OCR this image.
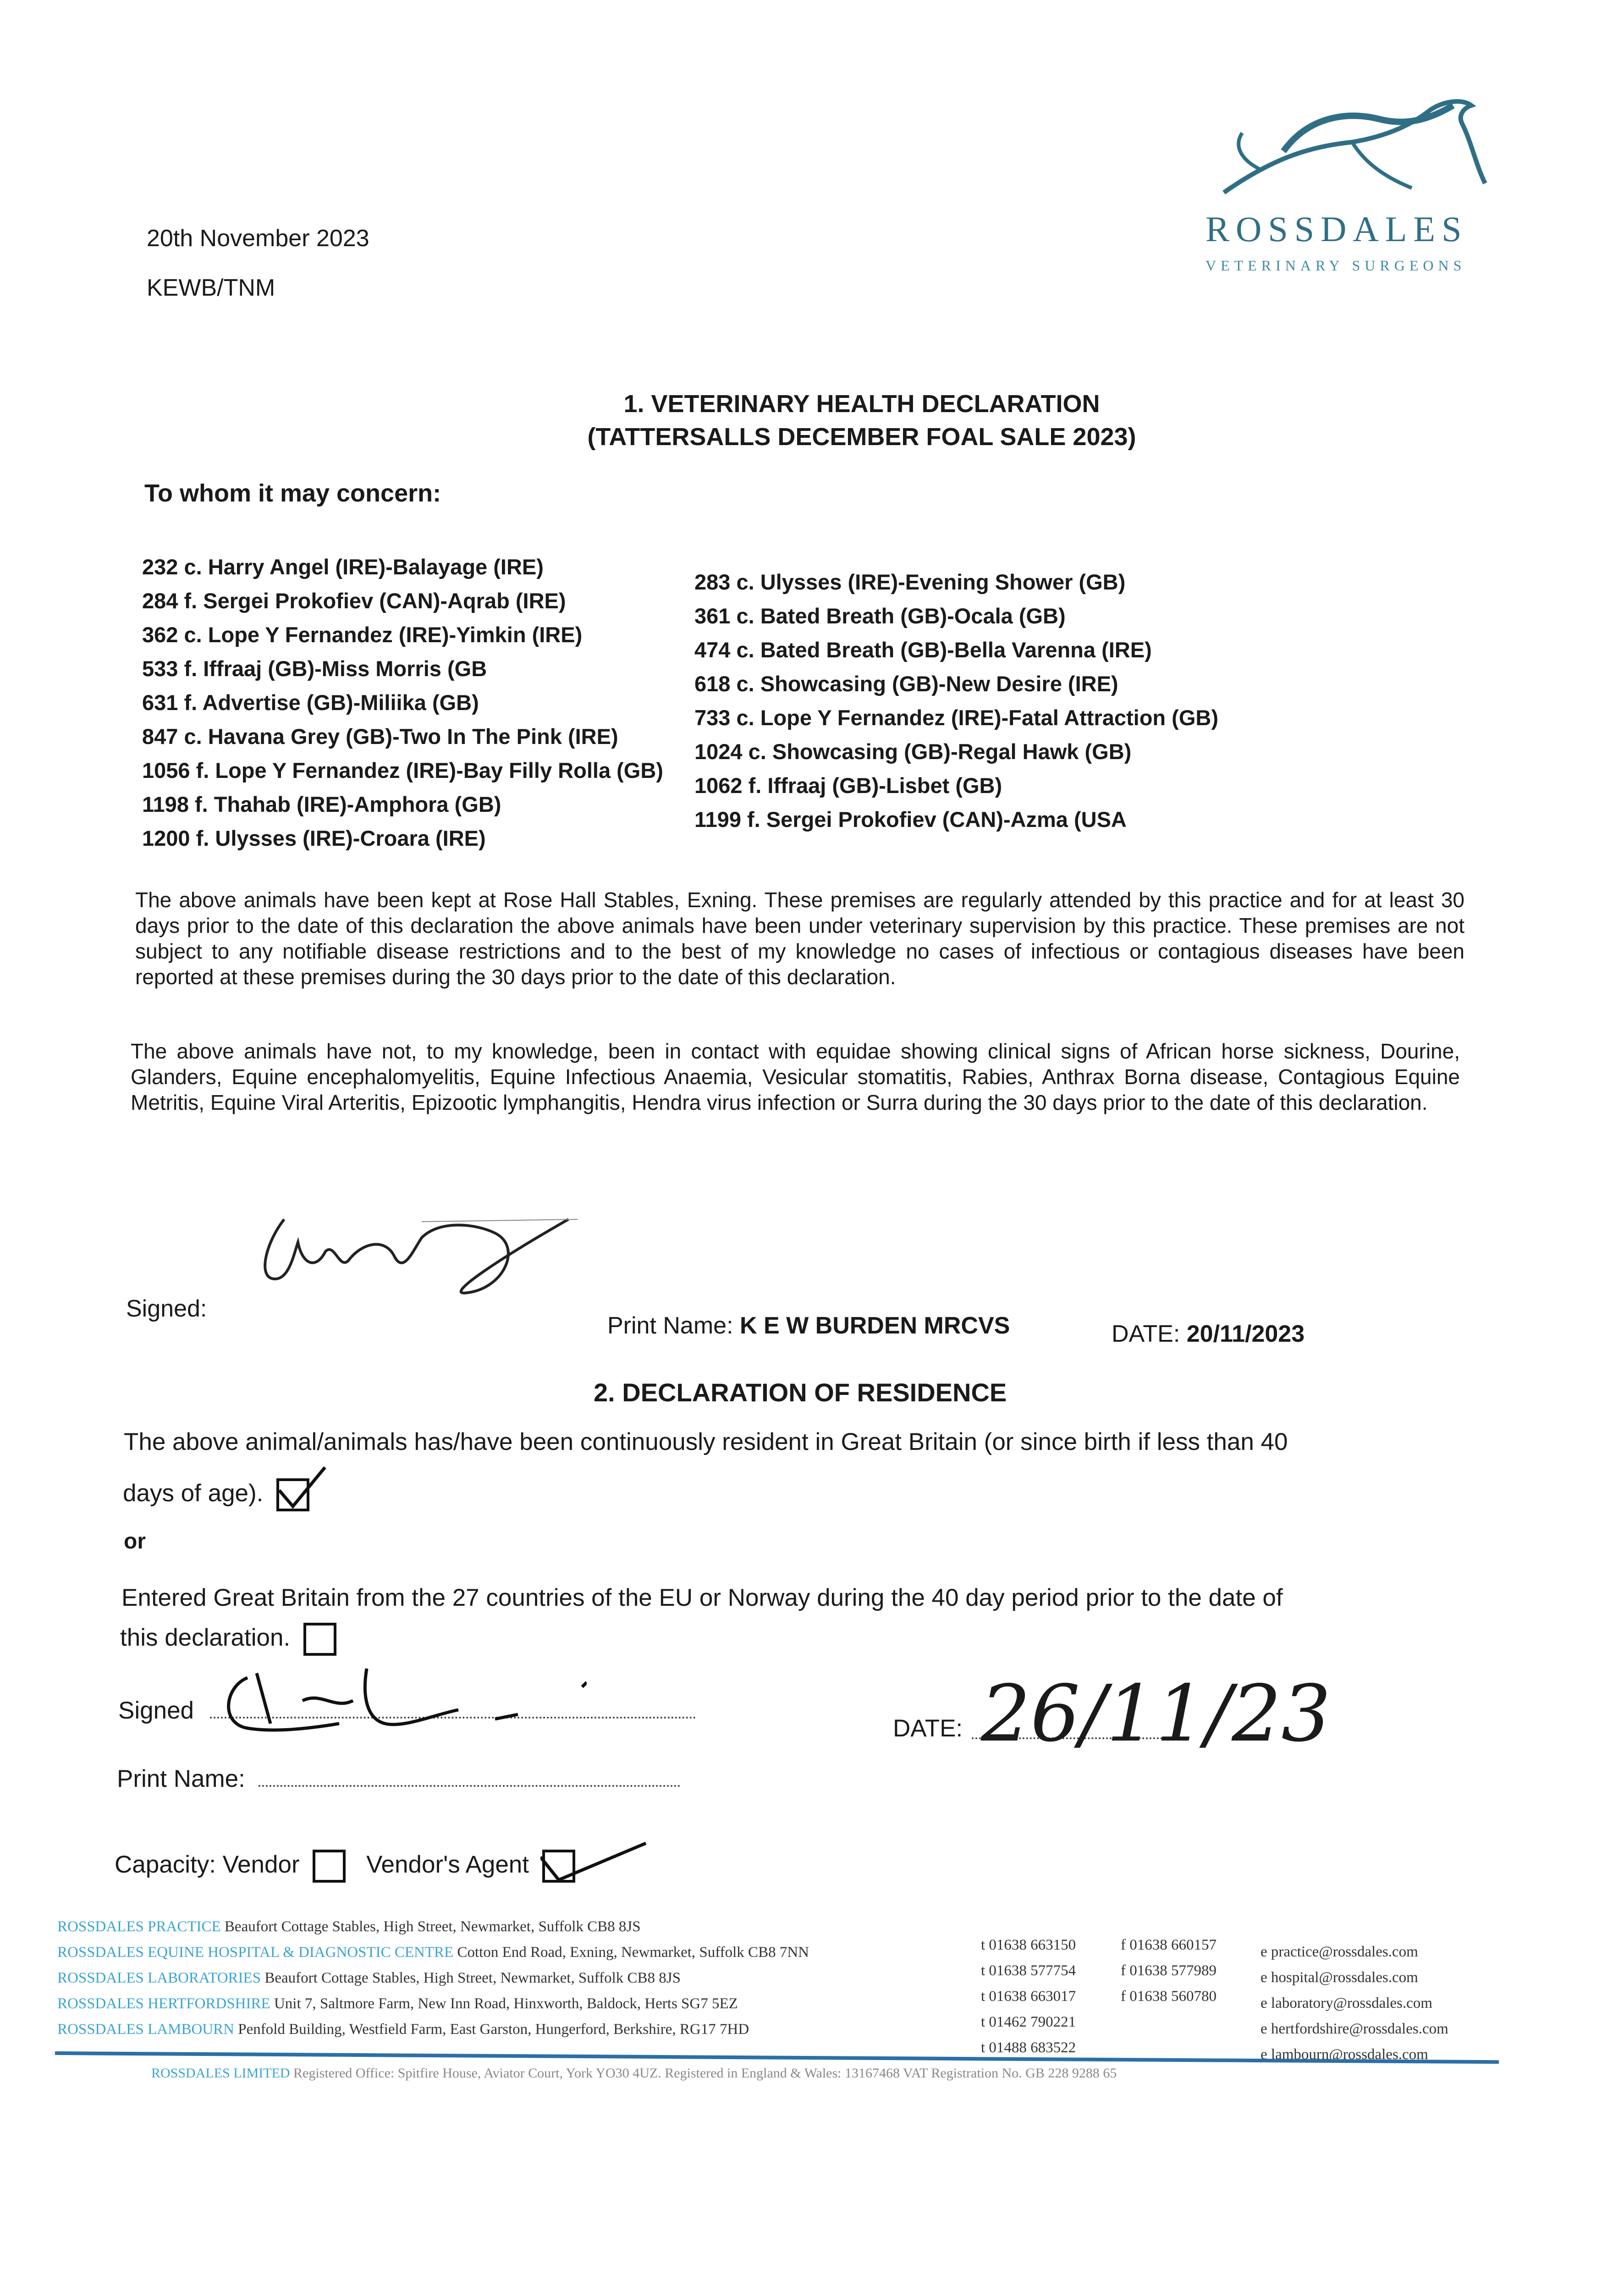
20th November 2023
KEWB/TNM
ROSSDALES
VETERINARY SURGEONS
1. VETERINARY HEALTH DECLARATION
(TATTERSALLS DECEMBER FOAL SALE 2023)
To whom it may concern:
232 c. Harry Angel (IRE)-Balayage (IRE)
284 f. Sergei Prokofiev (CAN)-Aqrab (IRE)
362 c. Lope Y Fernandez (IRE)-Yimkin (IRE)
533 f. Iffraaj (GB)-Miss Morris (GB
631 f. Advertise (GB)-Miliika (GB)
847 c. Havana Grey (GB)-Two In The Pink (IRE)
1056 f. Lope Y Fernandez (IRE)-Bay Filly Rolla (GB)
1198 f. Thahab (IRE)-Amphora (GB)
1200 f. Ulysses (IRE)-Croara (IRE)
283 c. Ulysses (IRE)-Evening Shower (GB)
361 c. Bated Breath (GB)-Ocala (GB)
474 c. Bated Breath (GB)-Bella Varenna (IRE)
618 c. Showcasing (GB)-New Desire (IRE)
733 c. Lope Y Fernandez (IRE)-Fatal Attraction (GB)
1024 c. Showcasing (GB)-Regal Hawk (GB)
1062 f. Iffraaj (GB)-Lisbet (GB)
1199 f. Sergei Prokofiev (CAN)-Azma (USA
The above animals have been kept at Rose Hall Stables, Exning. These premises are regularly attended by this practice and for at least 30 days prior to the date of this declaration the above animals have been under veterinary supervision by this practice. These premises are not subject to any notifiable disease restrictions and to the best of my knowledge no cases of infectious or contagious diseases have been reported at these premises during the 30 days prior to the date of this declaration.
The above animals have not, to my knowledge, been in contact with equidae showing clinical signs of African horse sickness, Dourine, Glanders, Equine encephalomyelitis, Equine Infectious Anaemia, Vesicular stomatitis, Rabies, Anthrax Borna disease, Contagious Equine Metritis, Equine Viral Arteritis, Epizootic lymphangitis, Hendra virus infection or Surra during the 30 days prior to the date of this declaration.
Signed:
Print Name: K E W BURDEN MRCVS	DATE: 20/11/2023
2. DECLARATION OF RESIDENCE
The above animal/animals has/have been continuously resident in Great Britain (or since birth if less than 40
days of age).
or
Entered Great Britain from the 27 countries of the EU or Norway during the 40 day period prior to the date of
this declaration.
Signed
DATE: 26/11/23
Print Name:
Capacity: Vendor	Vendor's Agent
ROSSDALES PRACTICE Beaufort Cottage Stables, High Street, Newmarket, Suffolk CB8 8JS
ROSSDALES EQUINE HOSPITAL & DIAGNOSTIC CENTRE Cotton End Road, Exning, Newmarket, Suffolk CB8 7NN
ROSSDALES LABORATORIES Beaufort Cottage Stables, High Street, Newmarket, Suffolk CB8 8JS
ROSSDALES HERTFORDSHIRE Unit 7, Saltmore Farm, New Inn Road, Hinxworth, Baldock, Herts SG7 5EZ
ROSSDALES LAMBOURN Penfold Building, Westfield Farm, East Garston, Hungerford, Berkshire, RG17 7HD
t 01638 663150
t 01638 577754
t 01638 663017
t 01462 790221
t 01488 683522
f 01638 660157
f 01638 577989
f 01638 560780
e practice@rossdales.com
e hospital@rossdales.com
e laboratory@rossdales.com
e hertfordshire@rossdales.com
e lambourn@rossdales.com
ROSSDALES LIMITED Registered Office: Spitfire House, Aviator Court, York YO30 4UZ. Registered in England & Wales: 13167468 VAT Registration No. GB 228 9288 65
